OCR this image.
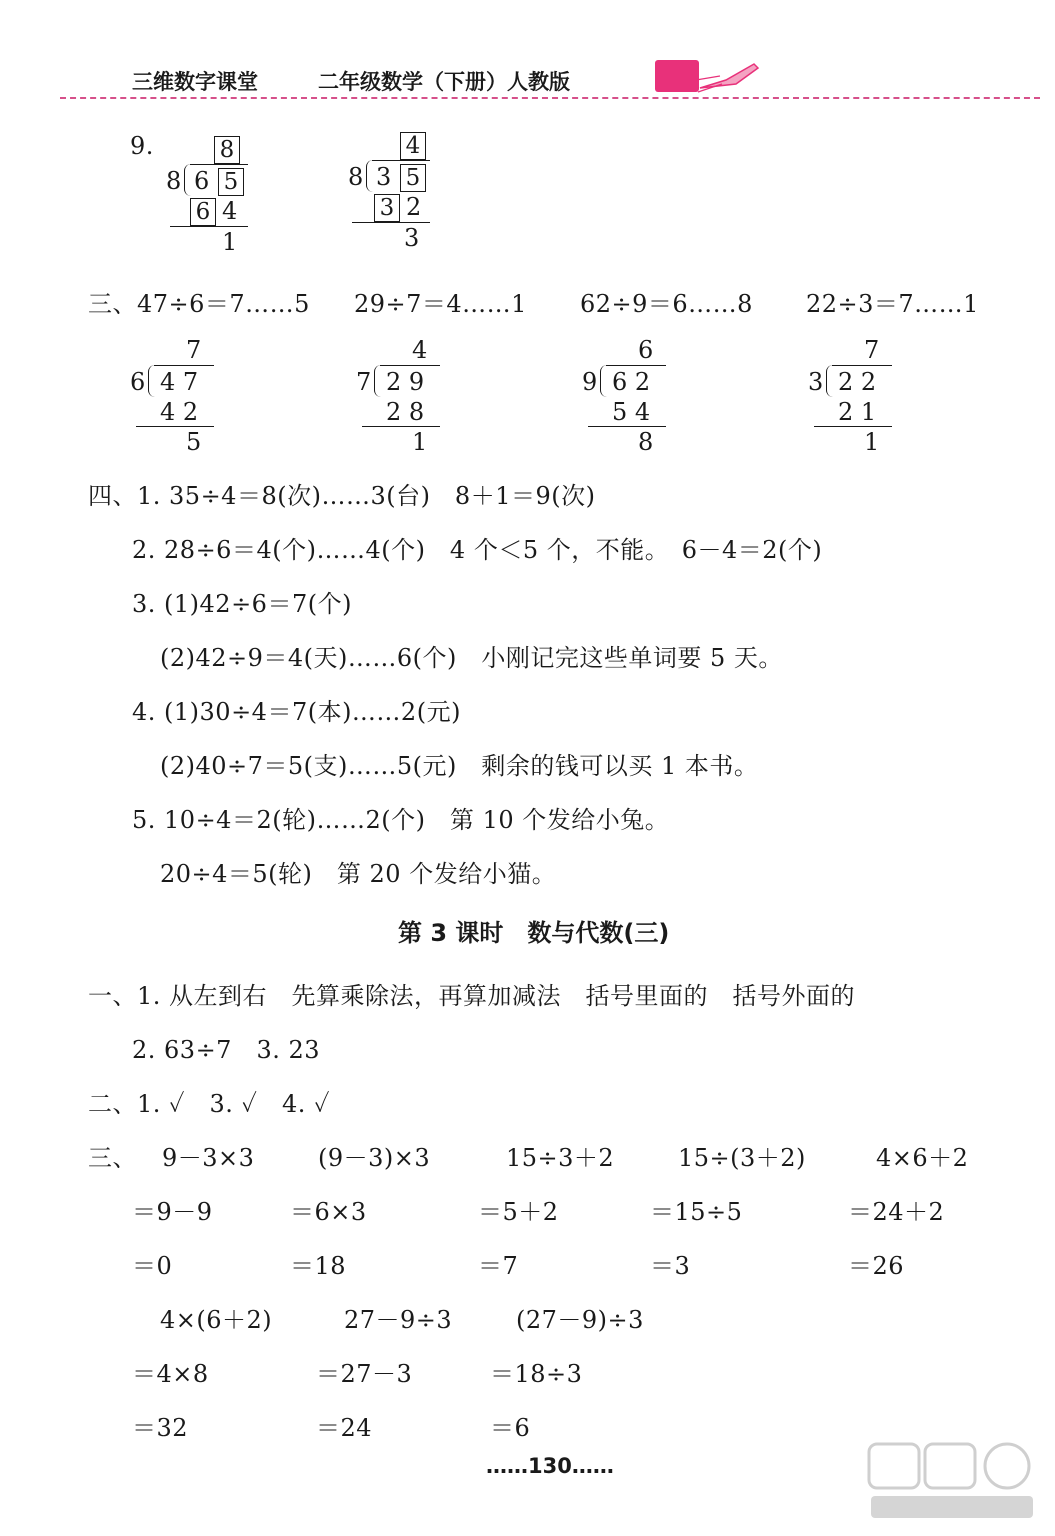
三维数字课堂	二年级数学（下册）人教版
9.	8
8 6 5
6 4
1
4
8 3 5
3 2
3
三、47÷6＝7……5 29÷7＝4……1 62÷9＝6……8 22÷3＝7……1
7
6 4 7
4 2
5
4
7 2 9
2 8
1
6
9 6 2
5 4
8
7
3 2 2
2 1
1
四、1. 35÷4＝8(次)……3(台)　8＋1＝9(次)
2. 28÷6＝4(个)……4(个)　4 个＜5 个，不能。　6－4＝2(个)
3. (1)42÷6＝7(个)
(2)42÷9＝4(天)……6(个)　小刚记完这些单词要 5 天。
4. (1)30÷4＝7(本)……2(元)
(2)40÷7＝5(支)……5(元)　剩余的钱可以买 1 本书。
5. 10÷4＝2(轮)……2(个)　第 10 个发给小兔。
20÷4＝5(轮)　第 20 个发给小猫。
第 3 课时　数与代数(三)
一、1. 从左到右　先算乘除法，再算加减法　括号里面的　括号外面的
2. 63÷7　3. 23
二、1. ✓　3. ✓　4. ✓
三、 9－3×3
＝9－9
＝0
(9－3)×3
＝6×3
＝18
15÷3＋2
＝5＋2
＝7
15÷(3＋2)
＝15÷5
＝3
4×6＋2
＝24＋2
＝26
4×(6＋2)
＝4×8
＝32
27－9÷3
＝27－3
＝24
(27－9)÷3
＝18÷3
＝6
……130……
